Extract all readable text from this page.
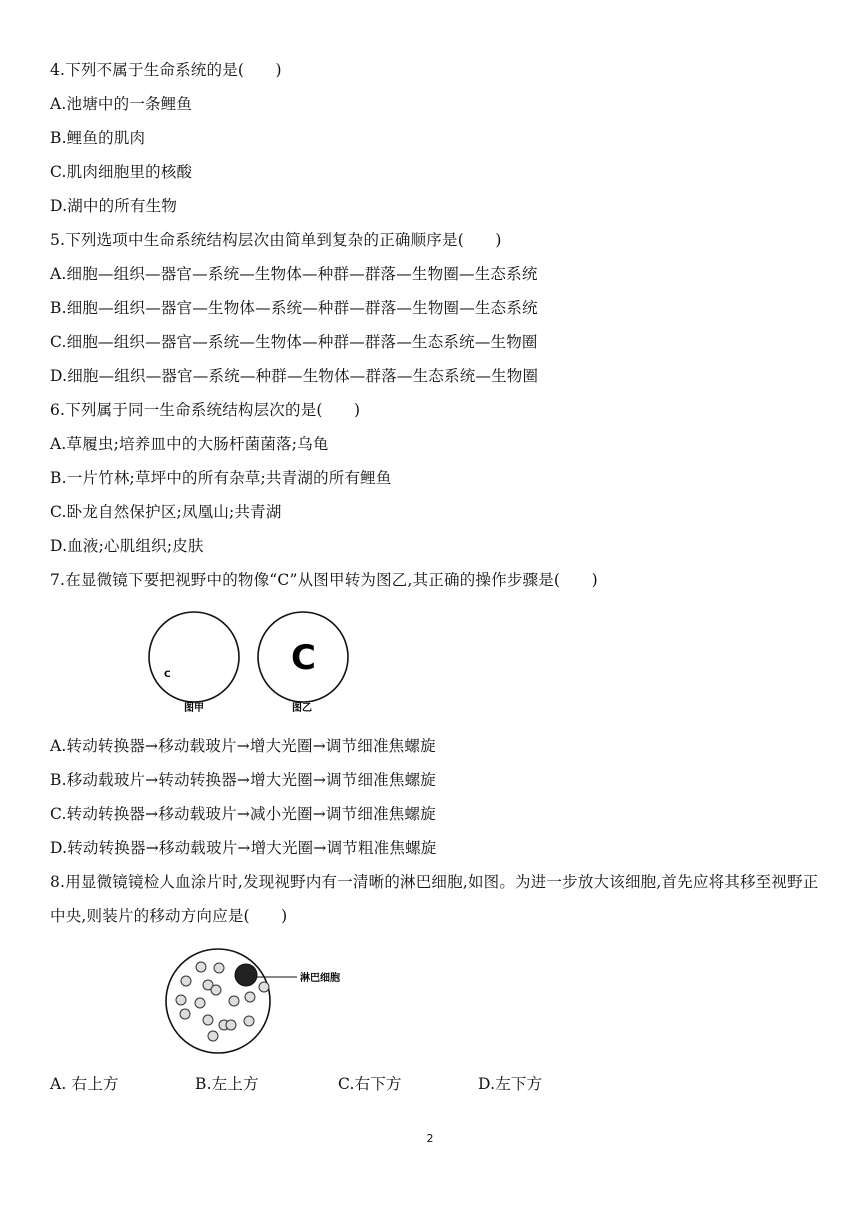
4.下列不属于生命系统的是(　　)
A.池塘中的一条鲤鱼
B.鲤鱼的肌肉
C.肌肉细胞里的核酸
D.湖中的所有生物
5.下列选项中生命系统结构层次由简单到复杂的正确顺序是(　　)
A.细胞—组织—器官—系统—生物体—种群—群落—生物圈—生态系统
B.细胞—组织—器官—生物体—系统—种群—群落—生物圈—生态系统
C.细胞—组织—器官—系统—生物体—种群—群落—生态系统—生物圈
D.细胞—组织—器官—系统—种群—生物体—群落—生态系统—生物圈
6.下列属于同一生命系统结构层次的是(　　)
A.草履虫;培养皿中的大肠杆菌菌落;乌龟
B.一片竹林;草坪中的所有杂草;共青湖的所有鲤鱼
C.卧龙自然保护区;凤凰山;共青湖
D.血液;心肌组织;皮肤
7.在显微镜下要把视野中的物像“C”从图甲转为图乙,其正确的操作步骤是(　　)
C
图甲
C
图乙
A.转动转换器→移动载玻片→增大光圈→调节细准焦螺旋
B.移动载玻片→转动转换器→增大光圈→调节细准焦螺旋
C.转动转换器→移动载玻片→减小光圈→调节细准焦螺旋
D.转动转换器→移动载玻片→增大光圈→调节粗准焦螺旋
8.用显微镜镜检人血涂片时,发现视野内有一清晰的淋巴细胞,如图。为进一步放大该细胞,首先应将其移至视野正中央,则装片的移动方向应是(　　)
淋巴细胞
A. 右上方	B.左上方	C.右下方	D.左下方
2
